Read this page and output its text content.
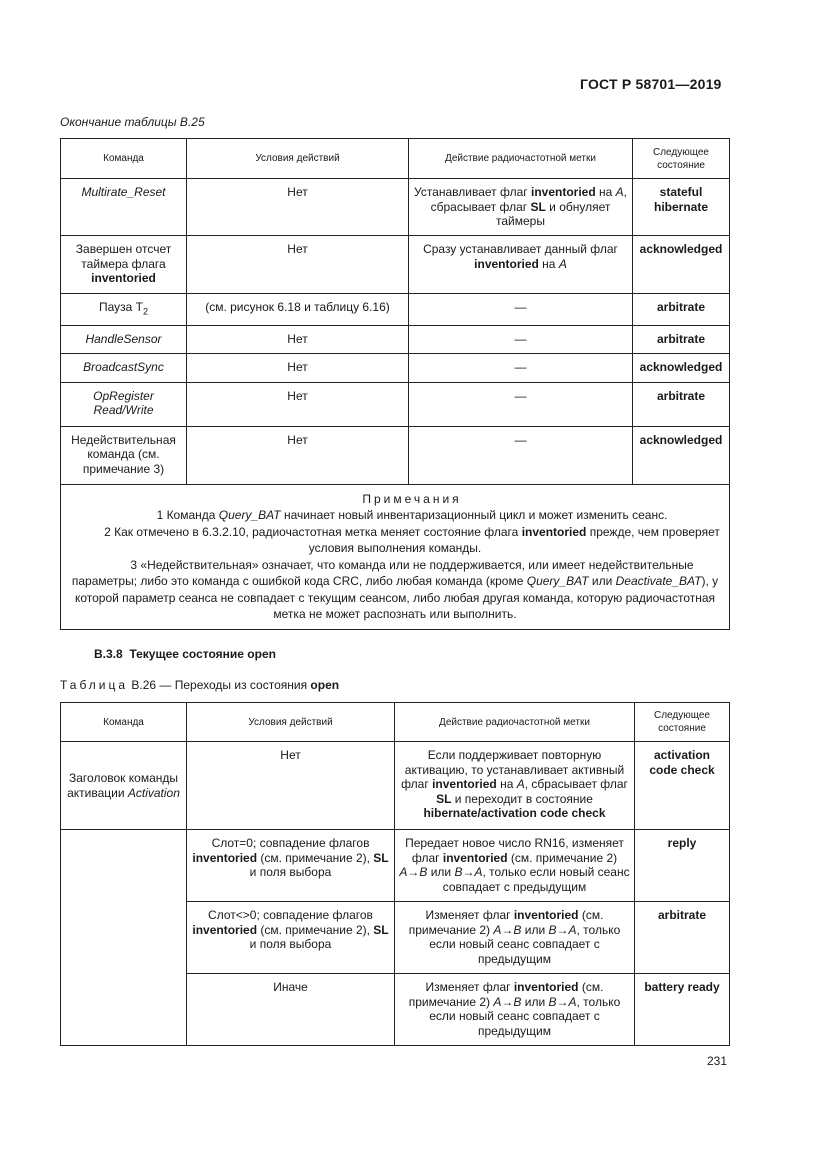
ГОСТ Р 58701—2019
Окончание таблицы В.25
Команда	Условия действий	Действие радиочастотной метки	Следующее состояние
Multirate_Reset	Нет	Устанавливает флаг inventoried на A, сбрасывает флаг SL и обнуляет таймеры	stateful hibernate
Завершен отсчет таймера флага inventoried	Нет	Сразу устанавливает данный флаг inventoried на A	acknowledged
Пауза $T_2$	(см. рисунок 6.18 и таблицу 6.16)	—	arbitrate
HandleSensor	Нет	—	arbitrate
BroadcastSync	Нет	—	acknowledged
OpRegister Read/Write	Нет	—	arbitrate
Недействительная команда (см. примечание 3)	Нет	—	acknowledged

Примечания
1 Команда Query_BAT начинает новый инвентаризационный цикл и может изменить сеанс.
2 Как отмечено в 6.3.2.10, радиочастотная метка меняет состояние флага inventoried прежде, чем проверяет условия выполнения команды.
3 «Недействительная» означает, что команда или не поддерживается, или имеет недействительные параметры; либо это команда с ошибкой кода CRC, либо любая команда (кроме Query_BAT или Deactivate_BAT), у которой параметр сеанса не совпадает с текущим сеансом, либо любая другая команда, которую радиочастотная метка не может распознать или выполнить.			
В.3.8 Текущее состояние open
Таблица В.26 — Переходы из состояния open
Команда	Условия действий	Действие радиочастотной метки	Следующее состояние
Заголовок команды активации Activation	Нет	Если поддерживает повторную активацию, то устанавливает активный флаг inventoried на A, сбрасывает флаг SL и переходит в состояние hibernate/activation code check	activation code check
	Слот=0; совпадение флагов inventoried (см. примечание 2), SL и поля выбора	Передает новое число RN16, изменяет флаг inventoried (см. примечание 2) A→B или B→A, только если новый сеанс совпадает с предыдущим	reply
	Слот<>0; совпадение флагов inventoried (см. примечание 2), SL и поля выбора	Изменяет флаг inventoried (см. примечание 2) A→B или B→A, только если новый сеанс совпадает с предыдущим	arbitrate
	Иначе	Изменяет флаг inventoried (см. примечание 2) A→B или B→A, только если новый сеанс совпадает с предыдущим	battery ready
231
